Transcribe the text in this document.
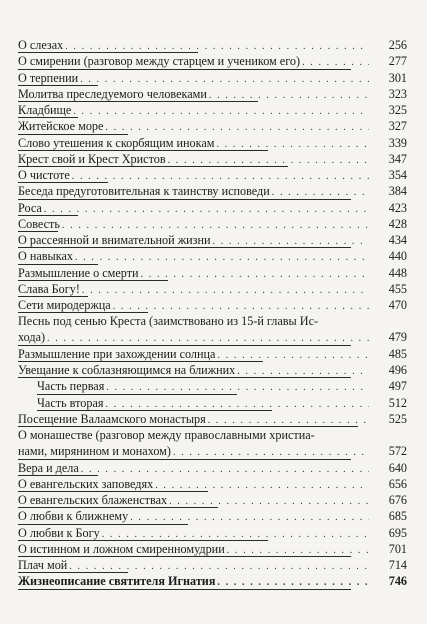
О слезах . . .	256
О смирении (разговор между старцем и учеником его) . . .	277
О терпении . . .	301
Молитва преследуемого человеками . . .	323
Кладбище . . .	325
Житейское море . . .	327
Слово утешения к скорбящим инокам . . .	339
Крест свой и Крест Христов . . .	347
О чистоте . . .	354
Беседа предуготовительная к таинству исповеди . . .	384
Роса . . .	423
Совесть . . .	428
О рассеянной и внимательной жизни . . .	434
О навыках . . .	440
Размышление о смерти . . .	448
Слава Богу! . . .	455
Сети миродержца . . .	470
Песнь под сенью Креста (заимствовано из 15-й главы Ис-
хода) . . .	479
Размышление при захождении солнца . . .	485
Увещание к соблазняющимся на ближних . . .	496
Часть первая . . .	497
Часть вторая . . .	512
Посещение Валаамского монастыря . . .	525
О монашестве (разговор между православными христиа-
нами, мирянином и монахом) . . .	572
Вера и дела . . .	640
О евангельских заповедях . . .	656
О евангельских блаженствах . . .	676
О любви к ближнему . . .	685
О любви к Богу . . .	695
О истинном и ложном смиренномудрии . . .	701
Плач мой . . .	714
Жизнеописание святителя Игнатия . . .	746
